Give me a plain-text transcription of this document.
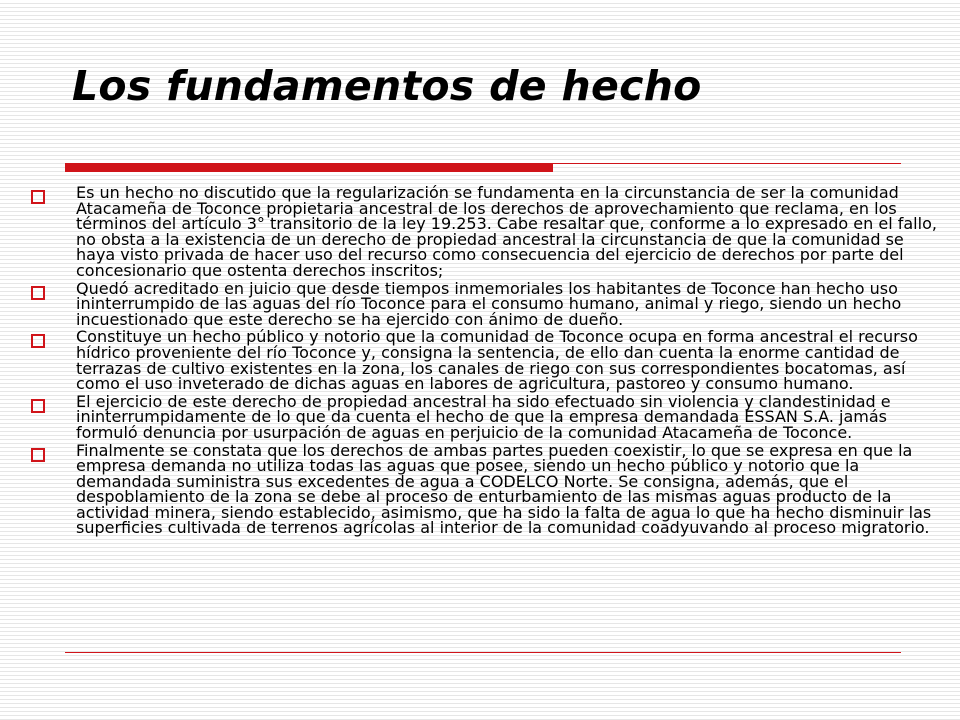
Los fundamentos de hecho
Es un hecho no discutido que la regularización se fundamenta en la circunstancia de ser la comunidad Atacameña de Toconce propietaria ancestral de los derechos de aprovechamiento que reclama, en los términos del artículo 3° transitorio de la ley 19.253. Cabe resaltar que, conforme a lo expresado en el fallo, no obsta a la existencia de un derecho de propiedad ancestral la circunstancia de que la comunidad se haya visto privada de hacer uso del recurso como consecuencia del ejercicio de derechos por parte del concesionario que ostenta derechos inscritos;
Quedó acreditado en juicio que desde tiempos inmemoriales los habitantes de Toconce han hecho uso ininterrumpido de las aguas del río Toconce para el consumo humano, animal y riego, siendo un hecho incuestionado que este derecho se ha ejercido con ánimo de dueño.
Constituye un hecho público y notorio que la comunidad de Toconce ocupa en forma ancestral el recurso hídrico proveniente del río Toconce y, consigna la sentencia, de ello dan cuenta la enorme cantidad de terrazas de cultivo existentes en la zona, los canales de riego con sus correspondientes bocatomas, así como el uso inveterado de dichas aguas en labores de agricultura, pastoreo y consumo humano.
El ejercicio de este derecho de propiedad ancestral ha sido efectuado sin violencia y clandestinidad e ininterrumpidamente de lo que da cuenta el hecho de que la empresa demandada ESSAN S.A. jamás formuló denuncia por usurpación de aguas en perjuicio de la comunidad Atacameña de Toconce.
Finalmente se constata que los derechos de ambas partes pueden coexistir, lo que se expresa en que la empresa demanda no utiliza todas las aguas que posee, siendo un hecho público y notorio que la demandada suministra sus excedentes de agua a CODELCO Norte. Se consigna, además, que el despoblamiento de la zona se debe al proceso de enturbamiento de las mismas aguas producto de la actividad minera, siendo establecido, asimismo, que ha sido la falta de agua lo que ha hecho disminuir las superficies cultivada de terrenos agrícolas al interior de la comunidad coadyuvando al proceso migratorio.
